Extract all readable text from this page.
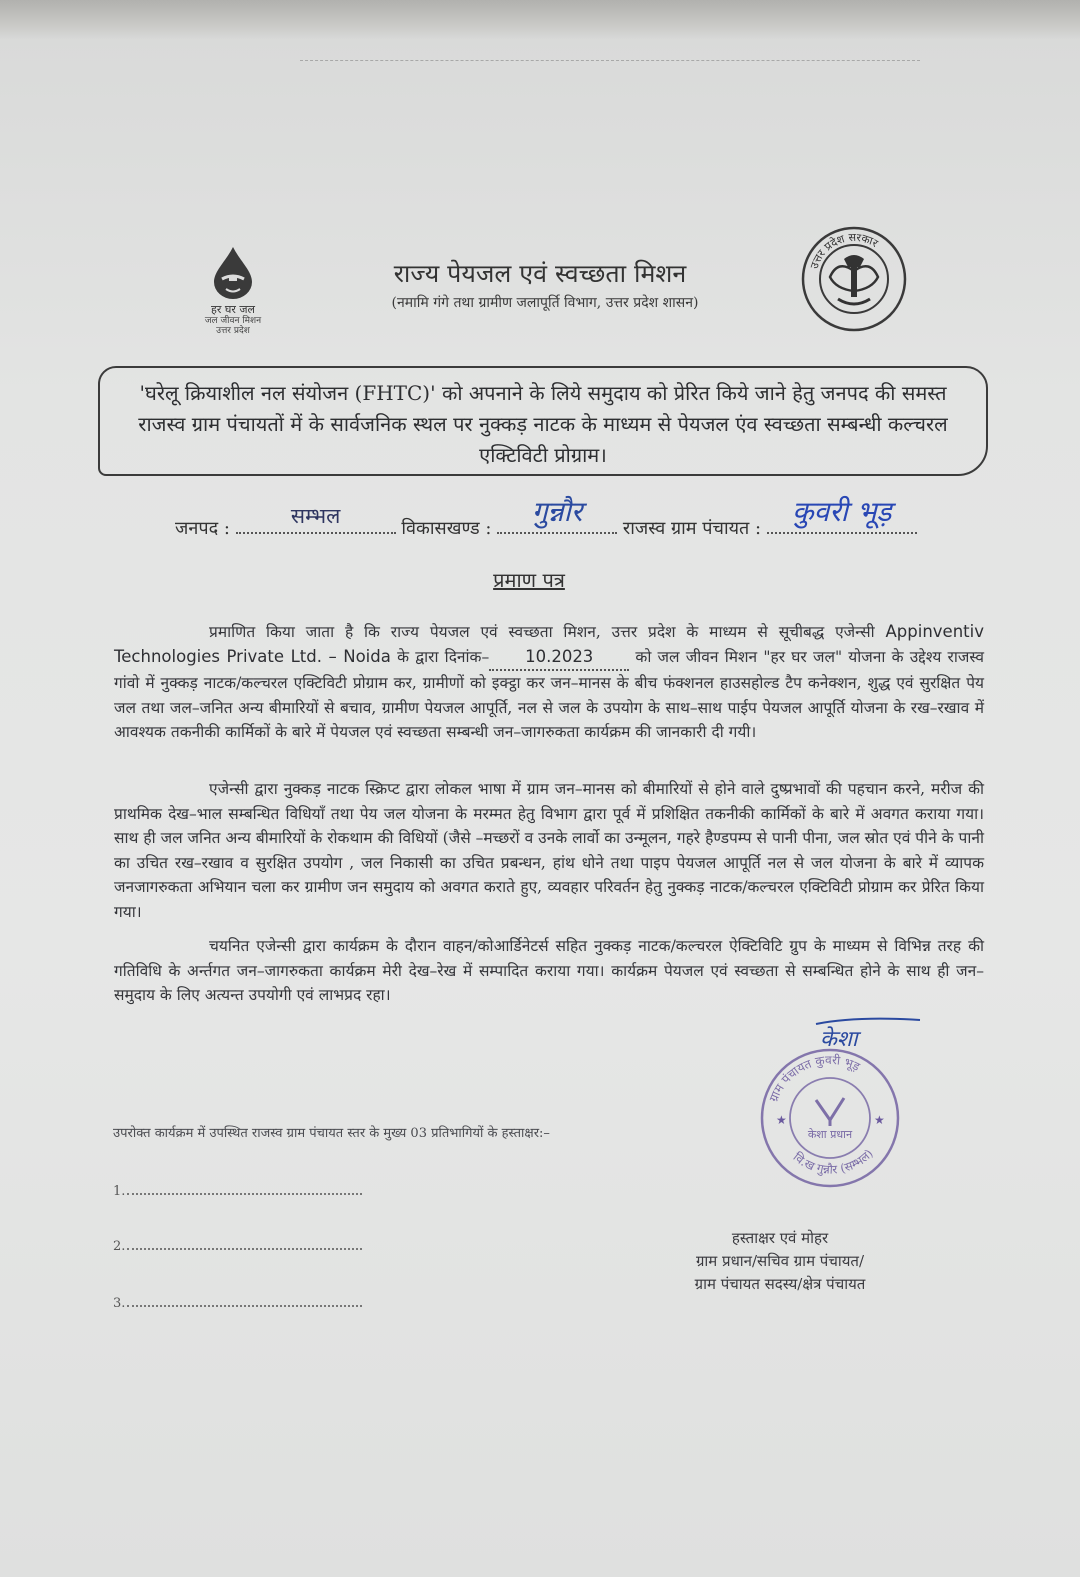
हर घर जल
जल जीवन मिशन
उत्तर प्रदेश
राज्य पेयजल एवं स्वच्छता मिशन
(नमामि गंगे तथा ग्रामीण जलापूर्ति विभाग, उत्तर प्रदेश शासन)
उत्तर प्रदेश सरकार
'घरेलू क्रियाशील नल संयोजन (FHTC)' को अपनाने के लिये समुदाय को प्रेरित किये जाने हेतु जनपद की समस्त राजस्व ग्राम पंचायतों में के सार्वजनिक स्थल पर नुक्कड़ नाटक के माध्यम से पेयजल एंव स्वच्छता सम्बन्धी कल्चरल एक्टिविटी प्रोग्राम।
जनपद :
सम्भल
विकासखण्ड :
गुन्नौर
राजस्व ग्राम पंचायत :
कुवरी भूड़
प्रमाण पत्र
प्रमाणित किया जाता है कि राज्य पेयजल एवं स्वच्छता मिशन, उत्तर प्रदेश के माध्यम से सूचीबद्ध एजेन्सी Appinventiv Technologies Private Ltd. – Noida के द्वारा दिनांक– 10.2023	को जल जीवन मिशन "हर घर जल" योजना के उद्देश्य राजस्व गांवो में नुक्कड़ नाटक/कल्चरल एक्टिविटी प्रोग्राम कर, ग्रामीणों को इक्ट्ठा कर जन–मानस के बीच फंक्शनल हाउसहोल्ड टैप कनेक्शन, शुद्ध एवं सुरक्षित पेय जल तथा जल–जनित अन्य बीमारियों से बचाव, ग्रामीण पेयजल आपूर्ति, नल से जल के उपयोग के साथ–साथ पाईप पेयजल आपूर्ति योजना के रख–रखाव में आवश्यक तकनीकी कार्मिकों के बारे में पेयजल एवं स्वच्छता सम्बन्धी जन–जागरुकता कार्यक्रम की जानकारी दी गयी।
एजेन्सी द्वारा नुक्कड़ नाटक स्क्रिप्ट द्वारा लोकल भाषा में ग्राम जन–मानस को बीमारियों से होने वाले दुष्प्रभावों की पहचान करने, मरीज की प्राथमिक देख–भाल सम्बन्धित विधियाँ तथा पेय जल योजना के मरम्मत हेतु विभाग द्वारा पूर्व में प्रशिक्षित तकनीकी कार्मिकों के बारे में अवगत कराया गया। साथ ही जल जनित अन्य बीमारियों के रोकथाम की विधियों (जैसे –मच्छरों व उनके लार्वो का उन्मूलन, गहरे हैण्डपम्प से पानी पीना, जल स्रोत एवं पीने के पानी का उचित रख–रखाव व सुरक्षित उपयोग , जल निकासी का उचित प्रबन्धन, हांथ धोने तथा पाइप पेयजल आपूर्ति नल से जल योजना के बारे में व्यापक जनजागरुकता अभियान चला कर ग्रामीण जन समुदाय को अवगत कराते हुए, व्यवहार परिवर्तन हेतु नुक्कड़ नाटक/कल्चरल एक्टिविटी प्रोग्राम कर प्रेरित किया गया।
चयनित एजेन्सी द्वारा कार्यक्रम के दौरान वाहन/कोआर्डिनेटर्स सहित नुक्कड़ नाटक/कल्चरल ऐक्टिविटि ग्रुप के माध्यम से विभिन्न तरह की गतिविधि के अर्न्तगत जन–जागरुकता कार्यक्रम मेरी देख–रेख में सम्पादित कराया गया। कार्यक्रम पेयजल एवं स्वच्छता से सम्बन्धित होने के साथ ही जन–समुदाय के लिए अत्यन्त उपयोगी एवं लाभप्रद रहा।
केशा
ग्राम पंचायत कुवरी भूड़
वि.ख गुन्नौर (सम्भल)
केशा प्रधान
★	★
उपरोक्त कार्यक्रम में उपस्थित राजस्व ग्राम पंचायत स्तर के मुख्य 03 प्रतिभागियों के हस्ताक्षर:–
1.
2.
3.
हस्ताक्षर एवं मोहर
ग्राम प्रधान/सचिव ग्राम पंचायत/
ग्राम पंचायत सदस्य/क्षेत्र पंचायत
